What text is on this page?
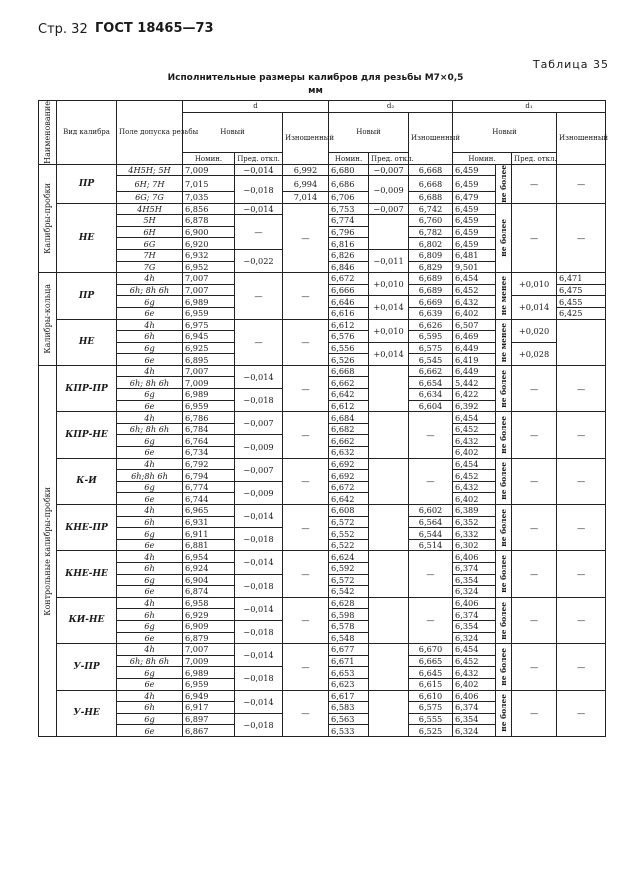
Стр. 32 ГОСТ 18465—73
Таблица 35
Исполнительные размеры калибров для резьбы М7×0,5
мм
Наименование	Вид калибра	Поле допуска резьбы	d			d₂			d₁			
			Новый		Изношенный	Новый		Изношенный	Новый			Изношенный
			Номин.	Пред. откл.		Номин.	Пред. откл.		Номин.		Пред. откл.	

Калибры-пробки	ПР	4H5H; 5H	7,009	−0,014	6,992	6,680	−0,007	6,668	6,459	не более	—	—
		6H; 7H	7,015	−0,018	6,994	6,686	−0,009	6,668	6,459			
		6G; 7G	7,035		7,014	6,706		6,688	6,479			
	НЕ	4H5H	6,856	−0,014	—	6,753	−0,007	6,742	6,459	не более	—	—
		5H	6,878	—		6,774		6,760	6,459			
		6H	6,900			6,796		6,782	6,459			
		6G	6,920			6,816		6,802	6,459			
		7H	6,932	−0,022		6,826	−0,011	6,809	6,481			
		7G	6,952			6,846		6,829	9,501			

Калибры-кольца	ПР	4h	7,007	—	—	6,672	+0,010	6,689	6,454	не менее	+0,010	6,471
		6h; 8h 6h	7,007			6,666		6,689	6,452			6,475
		6g	6,989			6,646	+0,014	6,669	6,432		+0,014	6,455
		6e	6,959			6,616		6,639	6,402			6,425
	НЕ	4h	6,975	—	—	6,612	+0,010	6,626	6,507	не менее	+0,020	
		6h	6,945			6,576		6,595	6,469			
		6g	6,925			6,556	+0,014	6,575	6,449		+0,028	
		6e	6,895			6,526		6,545	6,419			

Контрольные калибры-пробки	КПР-ПР	4h	7,007	−0,014	—	6,668		6,662	6,449	не более	—	—
		6h; 8h 6h	7,009			6,662		6,654	5,442			
		6g	6,989	−0,018		6,642		6,634	6,422			
		6e	6,959			6,612		6,604	6,392			
	КПР-НЕ	4h	6,786	−0,007	—	6,684		—	6,454	не более	—	—
		6h; 8h 6h	6,784			6,682			6,452			
		6g	6,764	−0,009		6,662			6,432			
		6e	6,734			6,632			6,402			
	К-И	4h	6,792	−0,007	—	6,692		—	6,454	не более	—	—
		6h;8h 6h	6,794			6,692			6,452			
		6g	6,774	−0,009		6,672			6,432			
		6e	6,744			6,642			6,402			
	КНЕ-ПР	4h	6,965	−0,014	—	6,608		6,602	6,389	не более	—	—
		6h	6,931			6,572		6,564	6,352			
		6g	6,911	−0,018		6,552		6,544	6,332			
		6e	6,881			6,522		6,514	6,302			
	КНЕ-НЕ	4h	6,954	−0,014	—	6,624		—	6,406	не более	—	—
		6h	6,924			6,592			6,374			
		6g	6,904	−0,018		6,572			6,354			
		6e	6,874			6,542			6,324			
	КИ-НЕ	4h	6,958	−0,014	—	6,628		—	6,406	не более	—	—
		6h	6,929			6,598			6,374			
		6g	6,909	−0,018		6,578			6,354			
		6e	6,879			6,548			6,324			
	У-ПР	4h	7,007	−0,014	—	6,677		6,670	6,454	не более	—	—
		6h; 8h 6h	7,009			6,671		6,665	6,452			
		6g	6,989	−0,018		6,653		6,645	6,432			
		6e	6,959			6,623		6,615	6,402			
	У-НЕ	4h	6,949	−0,014	—	6,617		6,610	6,406	не более	—	—
		6h	6,917			6,583		6,575	6,374			
		6g	6,897	−0,018		6,563		6,555	6,354			
		6e	6,867			6,533		6,525	6,324			
